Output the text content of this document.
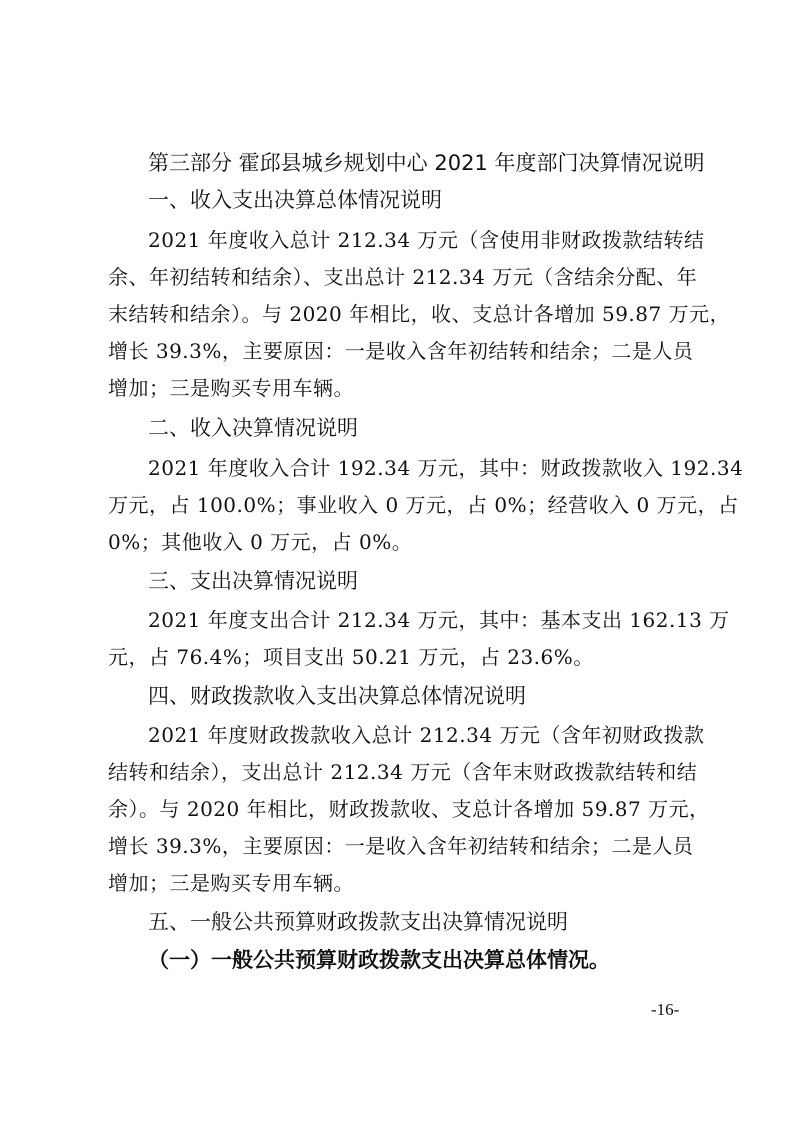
第三部分 霍邱县城乡规划中心 2021 年度部门决算情况说明
一、收入支出决算总体情况说明
2021 年度收入总计 212.34 万元（含使用非财政拨款结转结
余、年初结转和结余）、支出总计 212.34 万元（含结余分配、年
末结转和结余）。与 2020 年相比，收、支总计各增加 59.87 万元，
增长 39.3%，主要原因：一是收入含年初结转和结余；二是人员
增加；三是购买专用车辆。
二、收入决算情况说明
2021 年度收入合计 192.34 万元，其中：财政拨款收入 192.34
万元，占 100.0%；事业收入 0 万元，占 0%；经营收入 0 万元，占
0%；其他收入 0 万元，占 0%。
三、支出决算情况说明
2021 年度支出合计 212.34 万元，其中：基本支出 162.13 万
元，占 76.4%；项目支出 50.21 万元，占 23.6%。
四、财政拨款收入支出决算总体情况说明
2021 年度财政拨款收入总计 212.34 万元（含年初财政拨款
结转和结余），支出总计 212.34 万元（含年末财政拨款结转和结
余）。与 2020 年相比，财政拨款收、支总计各增加 59.87 万元，
增长 39.3%，主要原因：一是收入含年初结转和结余；二是人员
增加；三是购买专用车辆。
五、一般公共预算财政拨款支出决算情况说明
（一）一般公共预算财政拨款支出决算总体情况。
-16-
